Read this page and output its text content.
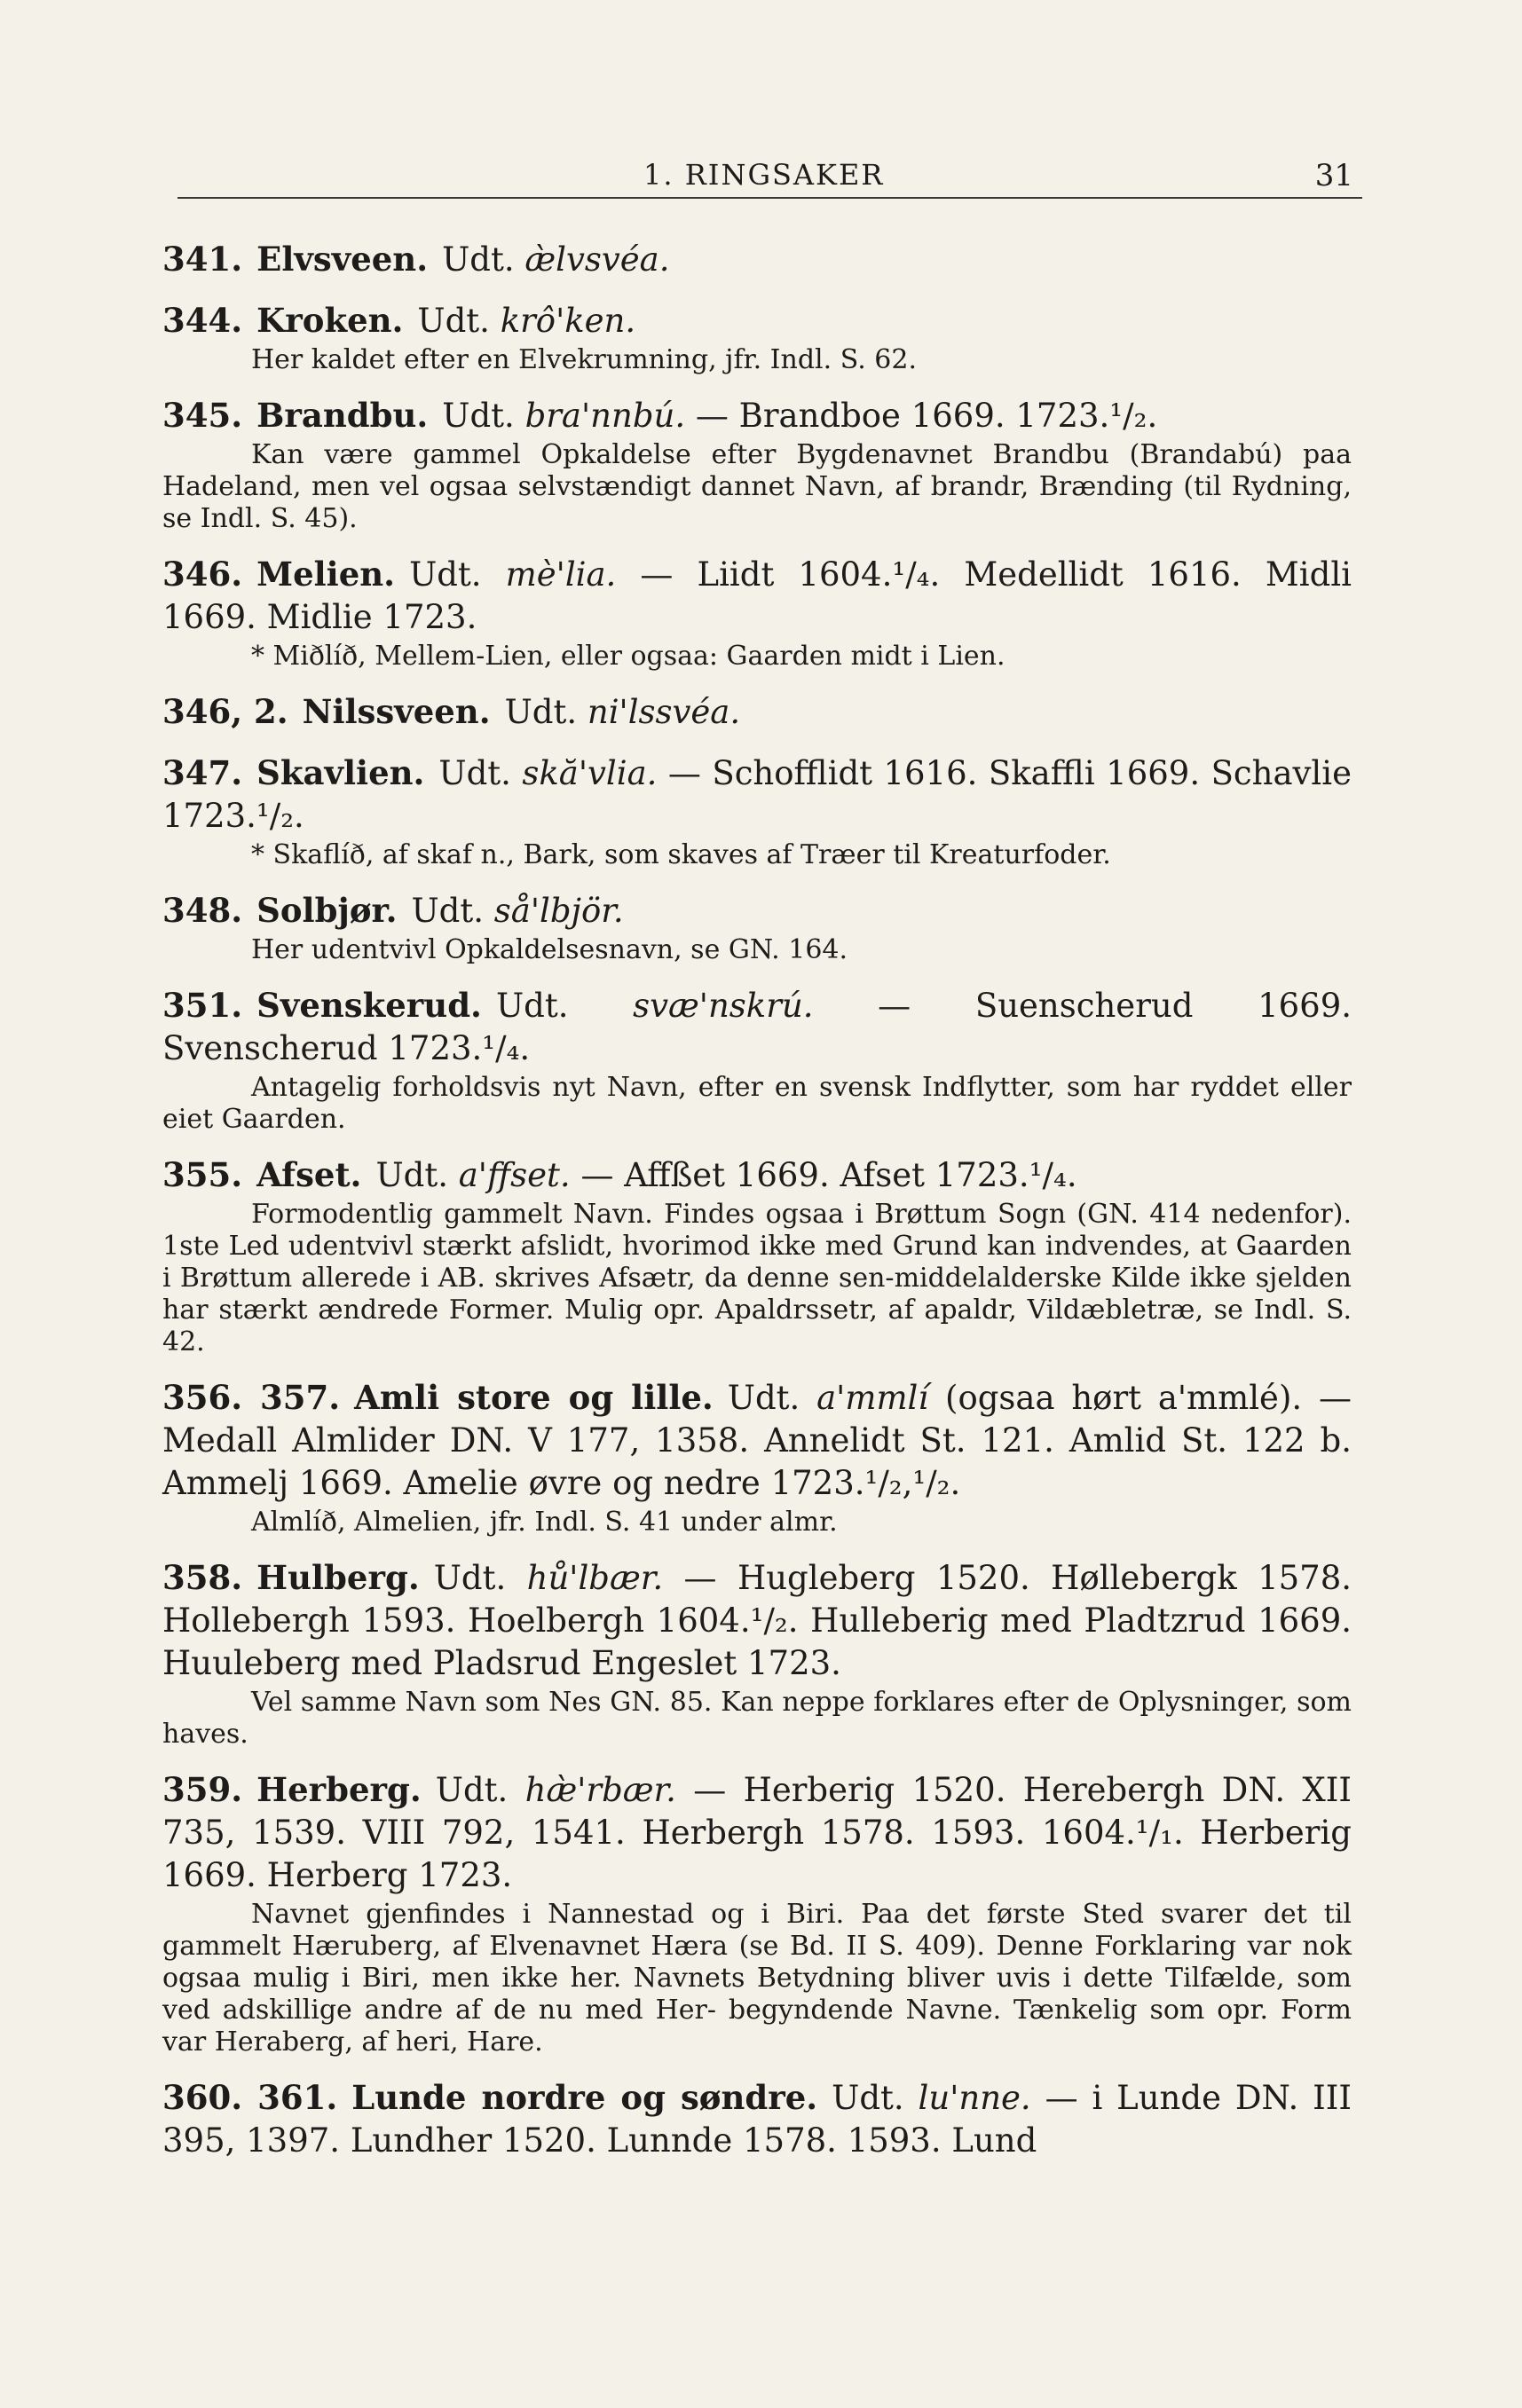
1. RINGSAKER	31

341. Elvsveen. Udt. æ̀lvsvéa.

344. Kroken. Udt. krô'ken.

Her kaldet efter en Elvekrumning, jfr. Indl. S. 62.

345. Brandbu. Udt. bra'nnbú. — Brandboe 1669. 1723.¹/₂.

Kan være gammel Opkaldelse efter Bygdenavnet Brandbu (Brandabú) paa Hadeland, men vel ogsaa selvstændigt dannet Navn, af brandr, Brænding (til Rydning, se Indl. S. 45).

346. Melien. Udt. mè'lia. — Liidt 1604.¹/₄. Medellidt 1616. Midli 1669. Midlie 1723.

* Miðlíð, Mellem-Lien, eller ogsaa: Gaarden midt i Lien.

346, 2. Nilssveen. Udt. ni'lssvéa.

347. Skavlien. Udt. skă'vlia. — Schofflidt 1616. Skaffli 1669. Schavlie 1723.¹/₂.

* Skaflíð, af skaf n., Bark, som skaves af Træer til Kreaturfoder.

348. Solbjør. Udt. så'lbjör.

Her udentvivl Opkaldelsesnavn, se GN. 164.

351. Svenskerud. Udt. svæ'nskrú. — Suenscherud 1669. Svenscherud 1723.¹/₄.

Antagelig forholdsvis nyt Navn, efter en svensk Indflytter, som har ryddet eller eiet Gaarden.

355. Afset. Udt. a'ffset. — Affßet 1669. Afset 1723.¹/₄.

Formodentlig gammelt Navn. Findes ogsaa i Brøttum Sogn (GN. 414 nedenfor). 1ste Led udentvivl stærkt afslidt, hvorimod ikke med Grund kan indvendes, at Gaarden i Brøttum allerede i AB. skrives Afsætr, da denne sen-middelalderske Kilde ikke sjelden har stærkt ændrede Former. Mulig opr. Apaldrssetr, af apaldr, Vildæbletræ, se Indl. S. 42.

356. 357. Amli store og lille. Udt. a'mmlí (ogsaa hørt a'mmlé). — Medall Almlider DN. V 177, 1358. Annelidt St. 121. Amlid St. 122 b. Ammelj 1669. Amelie øvre og nedre 1723.¹/₂,¹/₂.

Almlíð, Almelien, jfr. Indl. S. 41 under almr.

358. Hulberg. Udt. hů'lbær. — Hugleberg 1520. Høllebergk 1578. Hollebergh 1593. Hoelbergh 1604.¹/₂. Hulleberig med Pladtzrud 1669. Huuleberg med Pladsrud Engeslet 1723.

Vel samme Navn som Nes GN. 85. Kan neppe forklares efter de Oplysninger, som haves.

359. Herberg. Udt. hæ̀'rbær. — Herberig 1520. Herebergh DN. XII 735, 1539. VIII 792, 1541. Herbergh 1578. 1593. 1604.¹/₁. Herberig 1669. Herberg 1723.

Navnet gjenfindes i Nannestad og i Biri. Paa det første Sted svarer det til gammelt Hæruberg, af Elvenavnet Hæra (se Bd. II S. 409). Denne Forklaring var nok ogsaa mulig i Biri, men ikke her. Navnets Betydning bliver uvis i dette Tilfælde, som ved adskillige andre af de nu med Her- begyndende Navne. Tænkelig som opr. Form var Heraberg, af heri, Hare.

360. 361. Lunde nordre og søndre. Udt. lu'nne. — i Lunde DN. III 395, 1397. Lundher 1520. Lunnde 1578. 1593. Lund
